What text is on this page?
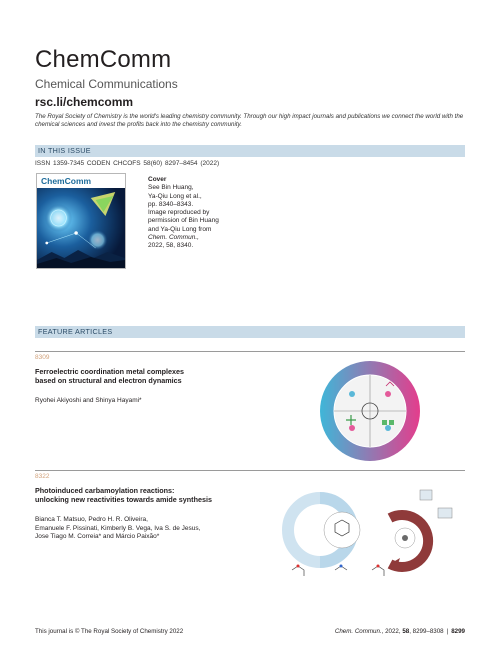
ChemComm
Chemical Communications
rsc.li/chemcomm
The Royal Society of Chemistry is the world's leading chemistry community. Through our high impact journals and publications we connect the world with the chemical sciences and invest the profits back into the chemistry community.
IN THIS ISSUE
ISSN 1359-7345 CODEN CHCOFS 58(60) 8297–8454 (2022)
ChemComm	Cover
See Bin Huang,
Ya-Qiu Long et al.,
pp. 8340–8343.
Image reproduced by
permission of Bin Huang
and Ya-Qiu Long from
Chem. Commun.,
2022, 58, 8340.
FEATURE ARTICLES
8309
Ferroelectric coordination metal complexes
based on structural and electron dynamics
Ryohei Akiyoshi and Shinya Hayami*
8322
Photoinduced carbamoylation reactions:
unlocking new reactivities towards amide synthesis
Bianca T. Matsuo, Pedro H. R. Oliveira,
Emanuele F. Pissinati, Kimberly B. Vega, Iva S. de Jesus,
Jose Tiago M. Correia* and Márcio Paixão*
This journal is © The Royal Society of Chemistry 2022	Chem. Commun., 2022, 58, 8299–8308 | 8299
